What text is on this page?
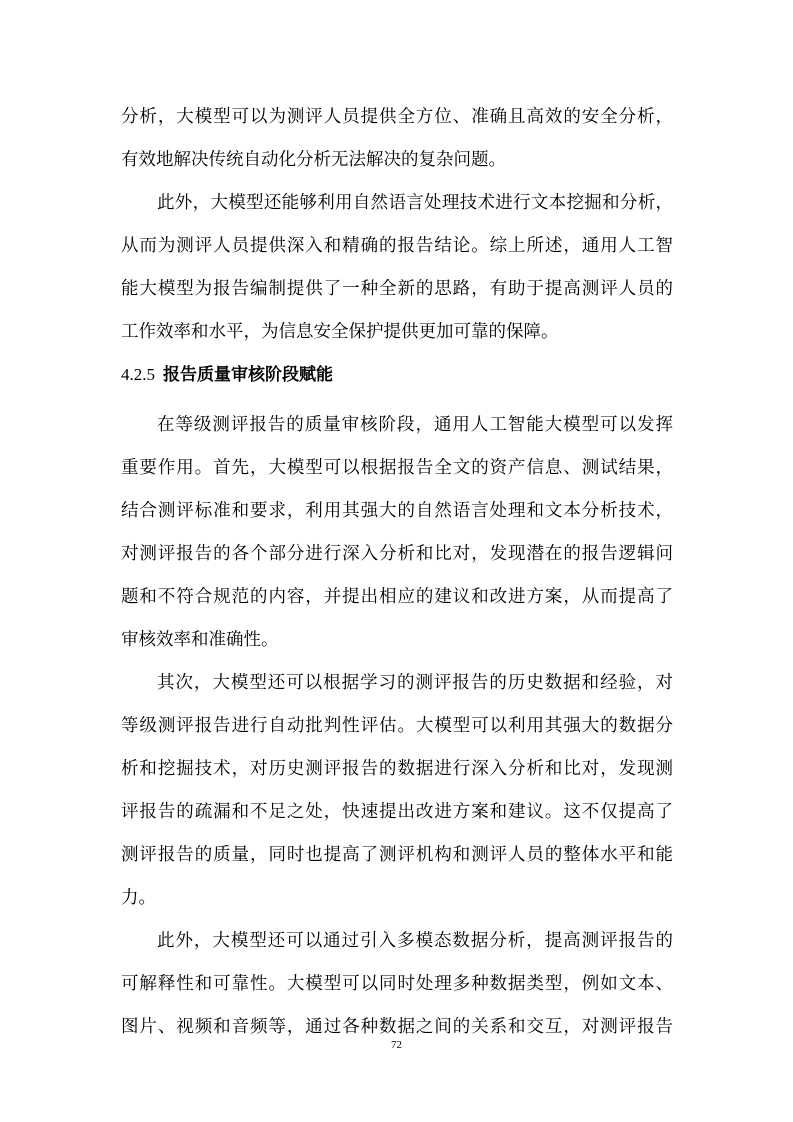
分析，大模型可以为测评人员提供全方位、准确且高效的安全分析，
有效地解决传统自动化分析无法解决的复杂问题。
此外，大模型还能够利用自然语言处理技术进行文本挖掘和分析，
从而为测评人员提供深入和精确的报告结论。综上所述，通用人工智
能大模型为报告编制提供了一种全新的思路，有助于提高测评人员的
工作效率和水平，为信息安全保护提供更加可靠的保障。
4.2.5 报告质量审核阶段赋能
在等级测评报告的质量审核阶段，通用人工智能大模型可以发挥
重要作用。首先，大模型可以根据报告全文的资产信息、测试结果，
结合测评标准和要求，利用其强大的自然语言处理和文本分析技术，
对测评报告的各个部分进行深入分析和比对，发现潜在的报告逻辑问
题和不符合规范的内容，并提出相应的建议和改进方案，从而提高了
审核效率和准确性。
其次，大模型还可以根据学习的测评报告的历史数据和经验，对
等级测评报告进行自动批判性评估。大模型可以利用其强大的数据分
析和挖掘技术，对历史测评报告的数据进行深入分析和比对，发现测
评报告的疏漏和不足之处，快速提出改进方案和建议。这不仅提高了
测评报告的质量，同时也提高了测评机构和测评人员的整体水平和能
力。
此外，大模型还可以通过引入多模态数据分析，提高测评报告的
可解释性和可靠性。大模型可以同时处理多种数据类型，例如文本、
图片、视频和音频等，通过各种数据之间的关系和交互，对测评报告
72
